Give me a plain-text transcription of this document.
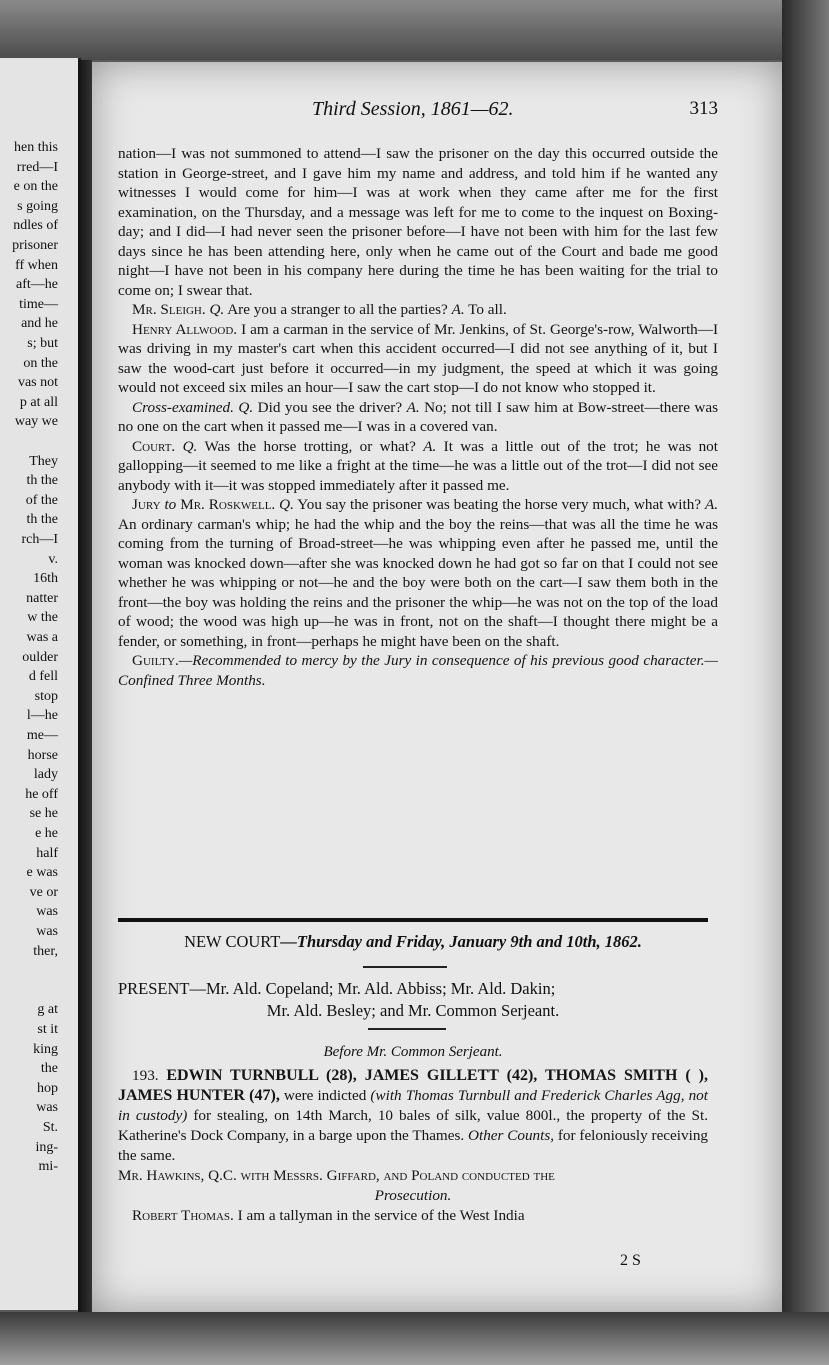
hen this
rred—I
e on the
s going
ndles of
prisoner
ff when
aft—he
time—
and he
s; but
on the
vas not
p at all
way we
They
th the
of the
th the
rch—I
v.
16th
natter
w the
was a
oulder
d fell
stop
l—he
me—
horse
lady
he off
se he
e he
half
e was
ve or
was
was
ther,
g at
st it
king
the
hop
was
St.
ing-
mi-
Third Session, 1861—62.	313

nation—I was not summoned to attend—I saw the prisoner on the day this occurred outside the station in George-street, and I gave him my name and address, and told him if he wanted any witnesses I would come for him—I was at work when they came after me for the first examination, on the Thursday, and a message was left for me to come to the inquest on Boxing-day; and I did—I had never seen the prisoner before—I have not been with him for the last few days since he has been attending here, only when he came out of the Court and bade me good night—I have not been in his company here during the time he has been waiting for the trial to come on; I swear that.

Mr. Sleigh. Q. Are you a stranger to all the parties? A. To all.

Henry Allwood. I am a carman in the service of Mr. Jenkins, of St. George's-row, Walworth—I was driving in my master's cart when this accident occurred—I did not see anything of it, but I saw the wood-cart just before it occurred—in my judgment, the speed at which it was going would not exceed six miles an hour—I saw the cart stop—I do not know who stopped it.

Cross-examined. Q. Did you see the driver? A. No; not till I saw him at Bow-street—there was no one on the cart when it passed me—I was in a covered van.

Court. Q. Was the horse trotting, or what? A. It was a little out of the trot; he was not gallopping—it seemed to me like a fright at the time—he was a little out of the trot—I did not see anybody with it—it was stopped immediately after it passed me.

Jury to Mr. Roskwell. Q. You say the prisoner was beating the horse very much, what with? A. An ordinary carman's whip; he had the whip and the boy the reins—that was all the time he was coming from the turning of Broad-street—he was whipping even after he passed me, until the woman was knocked down—after she was knocked down he had got so far on that I could not see whether he was whipping or not—he and the boy were both on the cart—I saw them both in the front—the boy was holding the reins and the prisoner the whip—he was not on the top of the load of wood; the wood was high up—he was in front, not on the shaft—I thought there might be a fender, or something, in front—perhaps he might have been on the shaft.

Guilty.—Recommended to mercy by the Jury in consequence of his previous good character.—Confined Three Months.

NEW COURT—Thursday and Friday, January 9th and 10th, 1862.
PRESENT—Mr. Ald. Copeland; Mr. Ald. Abbiss; Mr. Ald. Dakin;
Mr. Ald. Besley; and Mr. Common Serjeant.
Before Mr. Common Serjeant.

193. EDWIN TURNBULL (28), JAMES GILLETT (42), THOMAS SMITH ( ), JAMES HUNTER (47), were indicted (with Thomas Turnbull and Frederick Charles Agg, not in custody) for stealing, on 14th March, 10 bales of silk, value 800l., the property of the St. Katherine's Dock Company, in a barge upon the Thames. Other Counts, for feloniously receiving the same.

Mr. Hawkins, Q.C. with Messrs. Giffard, and Poland conducted the
Prosecution.

Robert Thomas. I am a tallyman in the service of the West India

2 S
